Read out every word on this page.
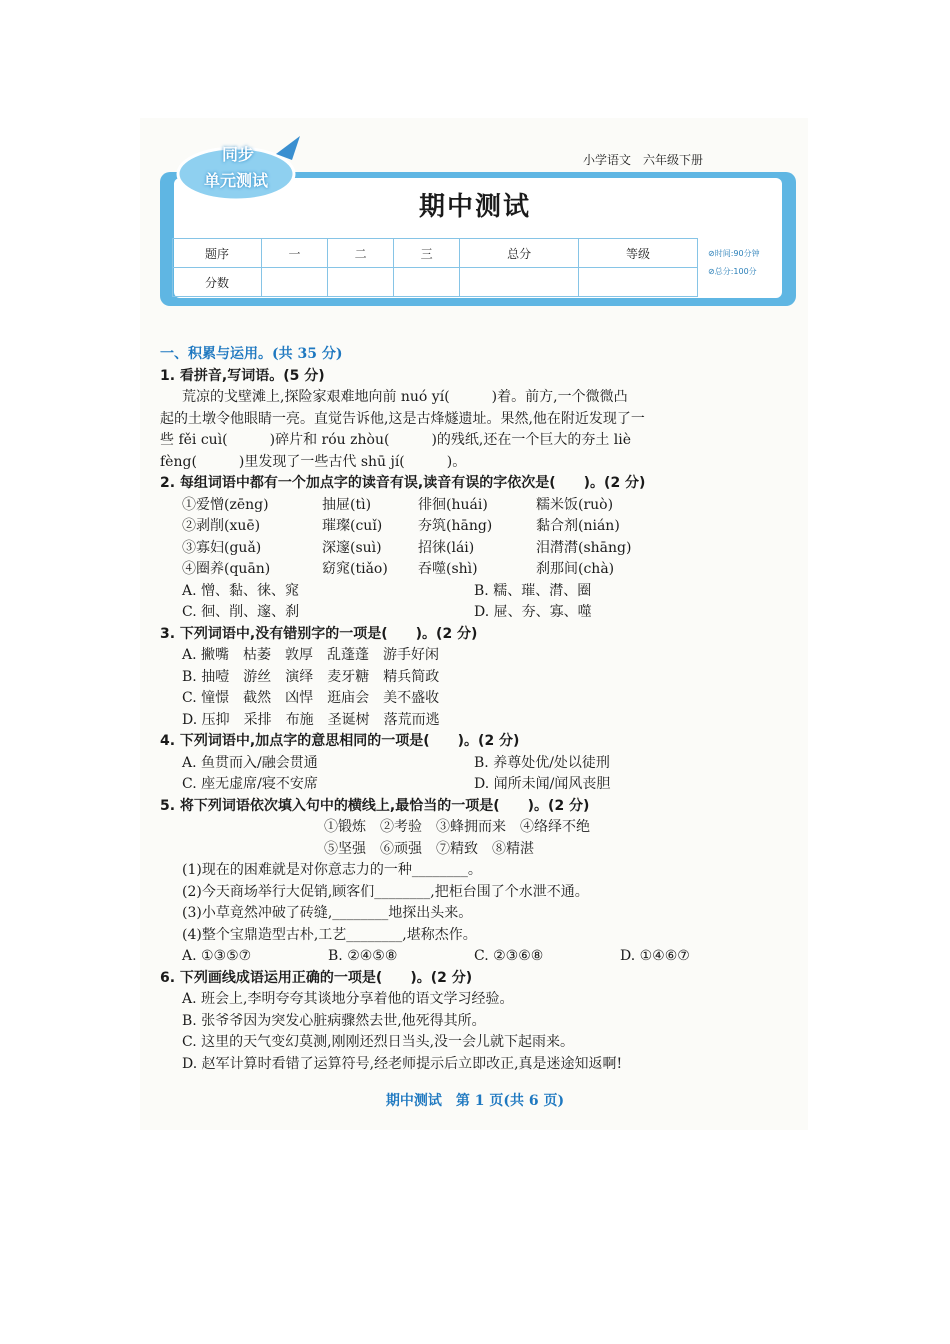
同步
单元测试
小学语文　六年级下册
期中测试
题序	一	二	三	总分	等级
分数					
⊘时间:90分钟
⊘总分:100分

一、积累与运用。(共 35 分)

1. 看拼音,写词语。(5 分)

荒凉的戈壁滩上,探险家艰难地向前 nuó yí(　　　)着。前方,一个微微凸

起的土墩令他眼睛一亮。直觉告诉他,这是古烽燧遗址。果然,他在附近发现了一

些 fěi cuì(　　　)碎片和 róu zhòu(　　　)的残纸,还在一个巨大的夯土 liè

fèng(　　　)里发现了一些古代 shū jí(　　　)。

2. 每组词语中都有一个加点字的读音有误,读音有误的字依次是(　　)。(2 分)

①爱憎(zēng)	抽屉(tì)	徘徊(huái)	糯米饭(ruò)
②剥削(xuē)	璀璨(cuǐ)	夯筑(hāng)	黏合剂(nián)
③寡妇(guǎ)	深邃(suì)	招徕(lái)	泪潸潸(shāng)
④圈养(quān)	窈窕(tiǎo)	吞噬(shì)	刹那间(chà)
A. 憎、黏、徕、窕	B. 糯、璀、潸、圈
C. 徊、削、邃、刹	D. 屉、夯、寡、噬

3. 下列词语中,没有错别字的一项是(　　)。(2 分)

A. 撇嘴　枯萎　敦厚　乱蓬蓬　游手好闲

B. 抽噎　游丝　演绎　麦牙糖　精兵简政

C. 憧憬　截然　凶悍　逛庙会　美不盛收

D. 压抑　采排　布施　圣诞树　落荒而逃

4. 下列词语中,加点字的意思相同的一项是(　　)。(2 分)

A. 鱼贯而入/融会贯通	B. 养尊处优/处以徒刑
C. 座无虚席/寝不安席	D. 闻所未闻/闻风丧胆

5. 将下列词语依次填入句中的横线上,最恰当的一项是(　　)。(2 分)

①锻炼　②考验　③蜂拥而来　④络绎不绝

⑤坚强　⑥顽强　⑦精致　⑧精湛

(1)现在的困难就是对你意志力的一种________。

(2)今天商场举行大促销,顾客们________,把柜台围了个水泄不通。

(3)小草竟然冲破了砖缝,________地探出头来。

(4)整个宝鼎造型古朴,工艺________,堪称杰作。

A. ①③⑤⑦	B. ②④⑤⑧	C. ②③⑥⑧	D. ①④⑥⑦

6. 下列画线成语运用正确的一项是(　　)。(2 分)

A. 班会上,李明夸夸其谈地分享着他的语文学习经验。

B. 张爷爷因为突发心脏病骤然去世,他死得其所。

C. 这里的天气变幻莫测,刚刚还烈日当头,没一会儿就下起雨来。

D. 赵军计算时看错了运算符号,经老师提示后立即改正,真是迷途知返啊!

期中测试　第 1 页(共 6 页)
